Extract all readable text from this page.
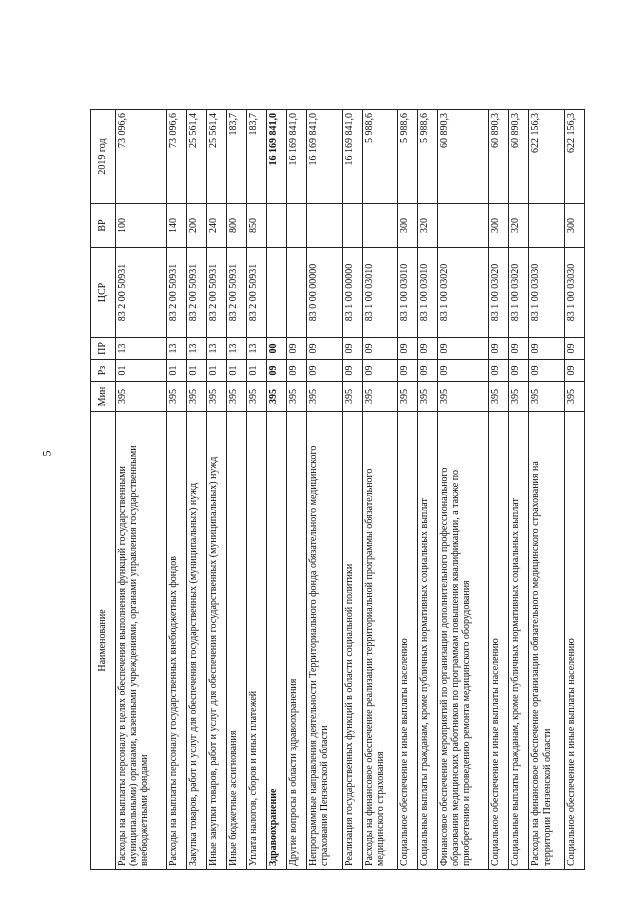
5
Наименование	Мин	Рз	ПР	ЦСР	ВР	2019 год
Расходы на выплаты персоналу в целях обеспечения выполнения функций государственными (муниципальными) органами, казенными учреждениями, органами управления государственными внебюджетными фондами	395	01	13	83 2 00 50931	100	73 096,6
Расходы на выплаты персоналу государственных внебюджетных фондов	395	01	13	83 2 00 50931	140	73 096,6
Закупка товаров, работ и услуг для обеспечения государственных (муниципальных) нужд	395	01	13	83 2 00 50931	200	25 561,4
Иные закупки товаров, работ и услуг для обеспечения государственных (муниципальных) нужд	395	01	13	83 2 00 50931	240	25 561,4
Иные бюджетные ассигнования	395	01	13	83 2 00 50931	800	183,7
Уплата налогов, сборов и иных платежей	395	01	13	83 2 00 50931	850	183,7
Здравоохранение	395	09	00			16 169 841,0
Другие вопросы в области здравоохранения	395	09	09			16 169 841,0
Непрограммные направления деятельности Территориального фонда обязательного медицинского страхования Пензенской области	395	09	09	83 0 00 00000		16 169 841,0
Реализация государственных функций в области социальной политики	395	09	09	83 1 00 00000		16 169 841,0
Расходы на финансовое обеспечение реализации территориальной программы обязательного медицинского страхования	395	09	09	83 1 00 03010		5 988,6
Социальное обеспечение и иные выплаты населению	395	09	09	83 1 00 03010	300	5 988,6
Социальные выплаты гражданам, кроме публичных нормативных социальных выплат	395	09	09	83 1 00 03010	320	5 988,6
Финансовое обеспечение мероприятий по организации дополнительного профессионального образования медицинских работников по программам повышения квалификации, а также по приобретению и проведению ремонта медицинского оборудования	395	09	09	83 1 00 03020		60 890,3
Социальное обеспечение и иные выплаты населению	395	09	09	83 1 00 03020	300	60 890,3
Социальные выплаты гражданам, кроме публичных нормативных социальных выплат	395	09	09	83 1 00 03020	320	60 890,3
Расходы на финансовое обеспечение организации обязательного медицинского страхования на территории Пензенской области	395	09	09	83 1 00 03030		622 156,3
Социальное обеспечение и иные выплаты населению	395	09	09	83 1 00 03030	300	622 156,3
